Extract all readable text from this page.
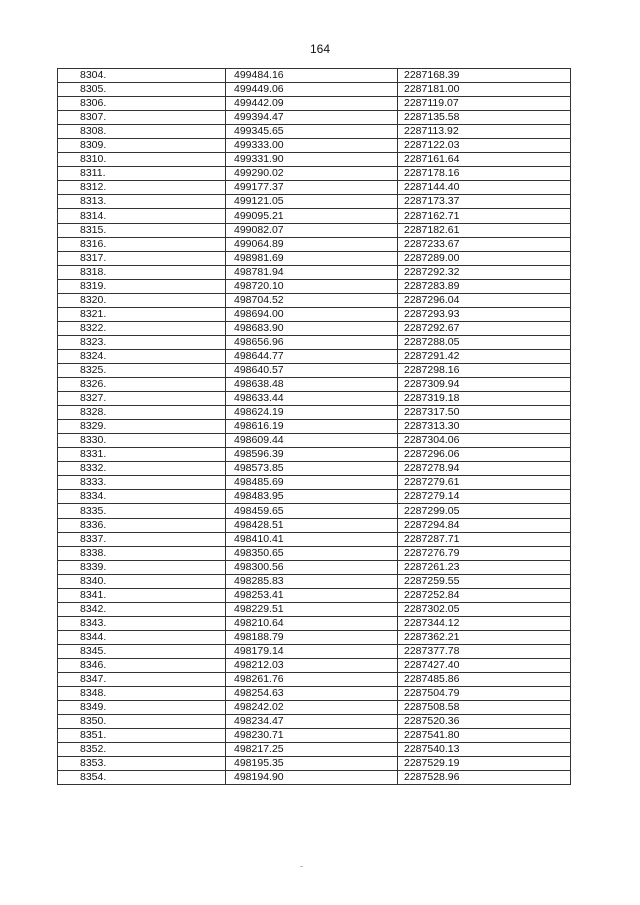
164
8304.	499484.16	2287168.39
8305.	499449.06	2287181.00
8306.	499442.09	2287119.07
8307.	499394.47	2287135.58
8308.	499345.65	2287113.92
8309.	499333.00	2287122.03
8310.	499331.90	2287161.64
8311.	499290.02	2287178.16
8312.	499177.37	2287144.40
8313.	499121.05	2287173.37
8314.	499095.21	2287162.71
8315.	499082.07	2287182.61
8316.	499064.89	2287233.67
8317.	498981.69	2287289.00
8318.	498781.94	2287292.32
8319.	498720.10	2287283.89
8320.	498704.52	2287296.04
8321.	498694.00	2287293.93
8322.	498683.90	2287292.67
8323.	498656.96	2287288.05
8324.	498644.77	2287291.42
8325.	498640.57	2287298.16
8326.	498638.48	2287309.94
8327.	498633.44	2287319.18
8328.	498624.19	2287317.50
8329.	498616.19	2287313.30
8330.	498609.44	2287304.06
8331.	498596.39	2287296.06
8332.	498573.85	2287278.94
8333.	498485.69	2287279.61
8334.	498483.95	2287279.14
8335.	498459.65	2287299.05
8336.	498428.51	2287294.84
8337.	498410.41	2287287.71
8338.	498350.65	2287276.79
8339.	498300.56	2287261.23
8340.	498285.83	2287259.55
8341.	498253.41	2287252.84
8342.	498229.51	2287302.05
8343.	498210.64	2287344.12
8344.	498188.79	2287362.21
8345.	498179.14	2287377.78
8346.	498212.03	2287427.40
8347.	498261.76	2287485.86
8348.	498254.63	2287504.79
8349.	498242.02	2287508.58
8350.	498234.47	2287520.36
8351.	498230.71	2287541.80
8352.	498217.25	2287540.13
8353.	498195.35	2287529.19
8354.	498194.90	2287528.96
